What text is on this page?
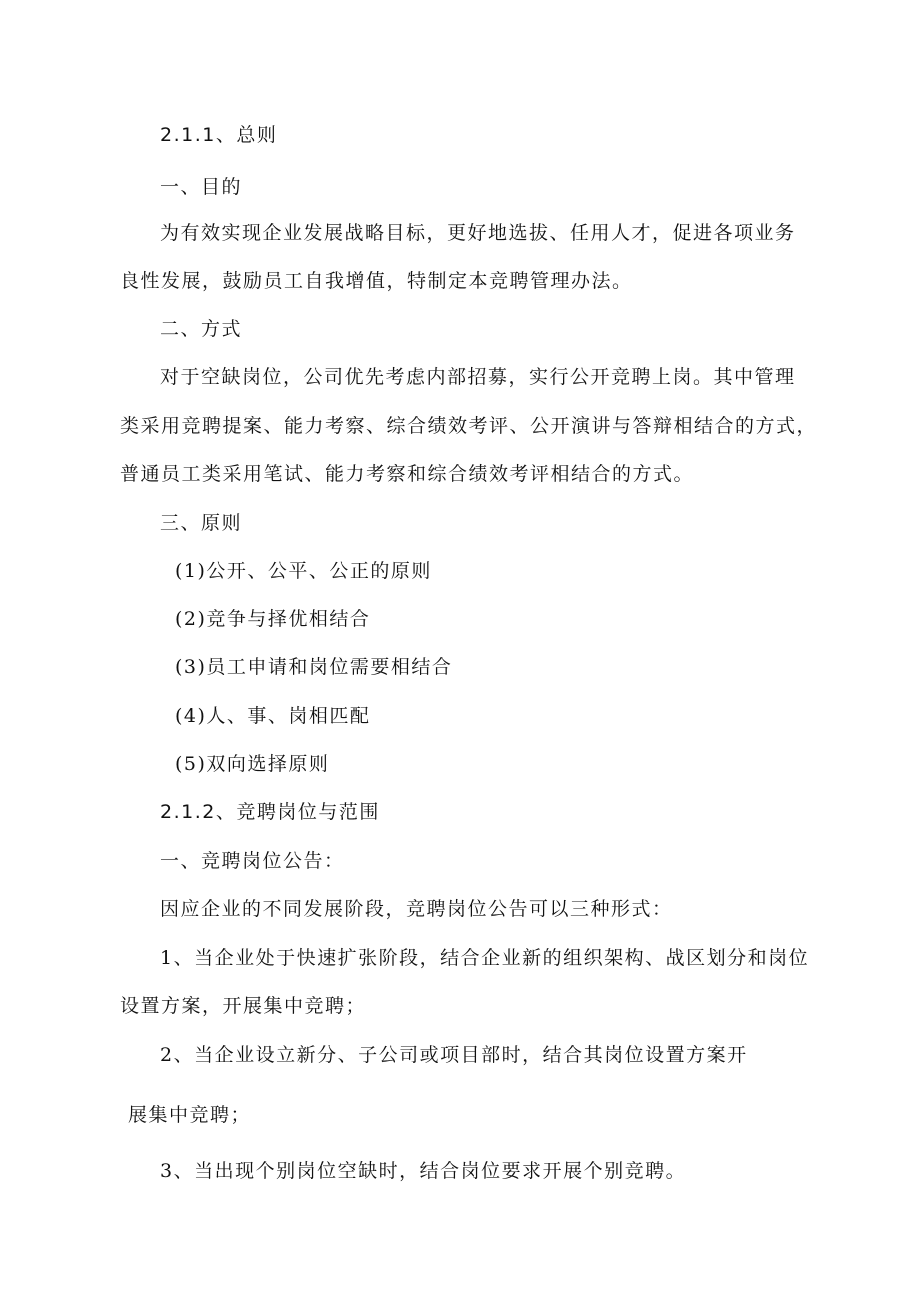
2.1.1、总则
一、目的
为有效实现企业发展战略目标，更好地选拔、任用人才，促进各项业务
良性发展，鼓励员工自我增值，特制定本竞聘管理办法。
二、方式
对于空缺岗位，公司优先考虑内部招募，实行公开竞聘上岗。其中管理
类采用竞聘提案、能力考察、综合绩效考评、公开演讲与答辩相结合的方式，
普通员工类采用笔试、能力考察和综合绩效考评相结合的方式。
三、原则
(1)公开、公平、公正的原则
(2)竞争与择优相结合
(3)员工申请和岗位需要相结合
(4)人、事、岗相匹配
(5)双向选择原则
2.1.2、竞聘岗位与范围
一、竞聘岗位公告：
因应企业的不同发展阶段，竞聘岗位公告可以三种形式：
1、当企业处于快速扩张阶段，结合企业新的组织架构、战区划分和岗位
设置方案，开展集中竞聘；
2、当企业设立新分、子公司或项目部时，结合其岗位设置方案开
展集中竞聘；
3、当出现个别岗位空缺时，结合岗位要求开展个别竞聘。
